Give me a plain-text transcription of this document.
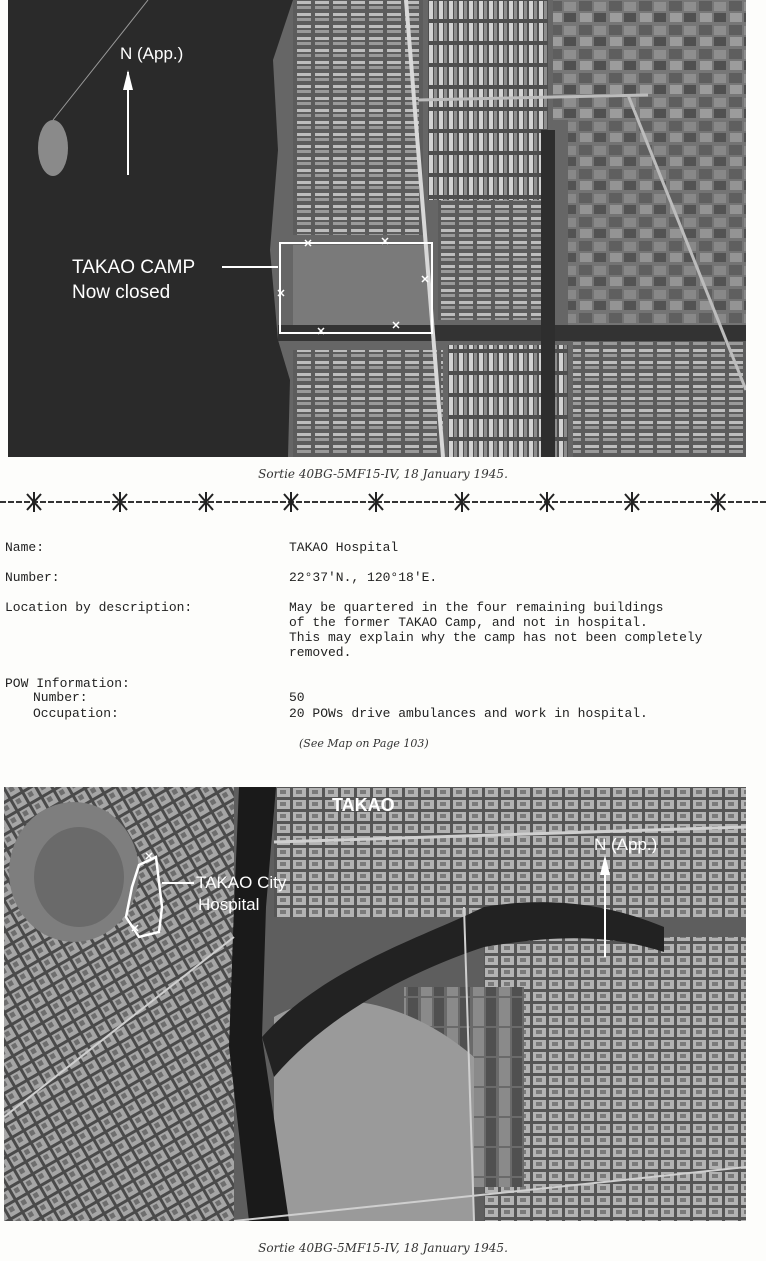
N (App.)
TAKAO CAMP
Now closed
Sortie 40BG-5MF15-IV, 18 January 1945.
Name:	TAKAO Hospital
Number:	22°37'N., 120°18'E.
Location by description:	May be quartered in the four remaining buildings
of the former TAKAO Camp, and not in hospital.
This may explain why the camp has not been completely
removed.
POW Information:
Number:	50
Occupation:	20 POWs drive ambulances and work in hospital.
(See Map on Page 103)
TAKAO
N (App.)
TAKAO City
Hospital
Sortie 40BG-5MF15-IV, 18 January 1945.
